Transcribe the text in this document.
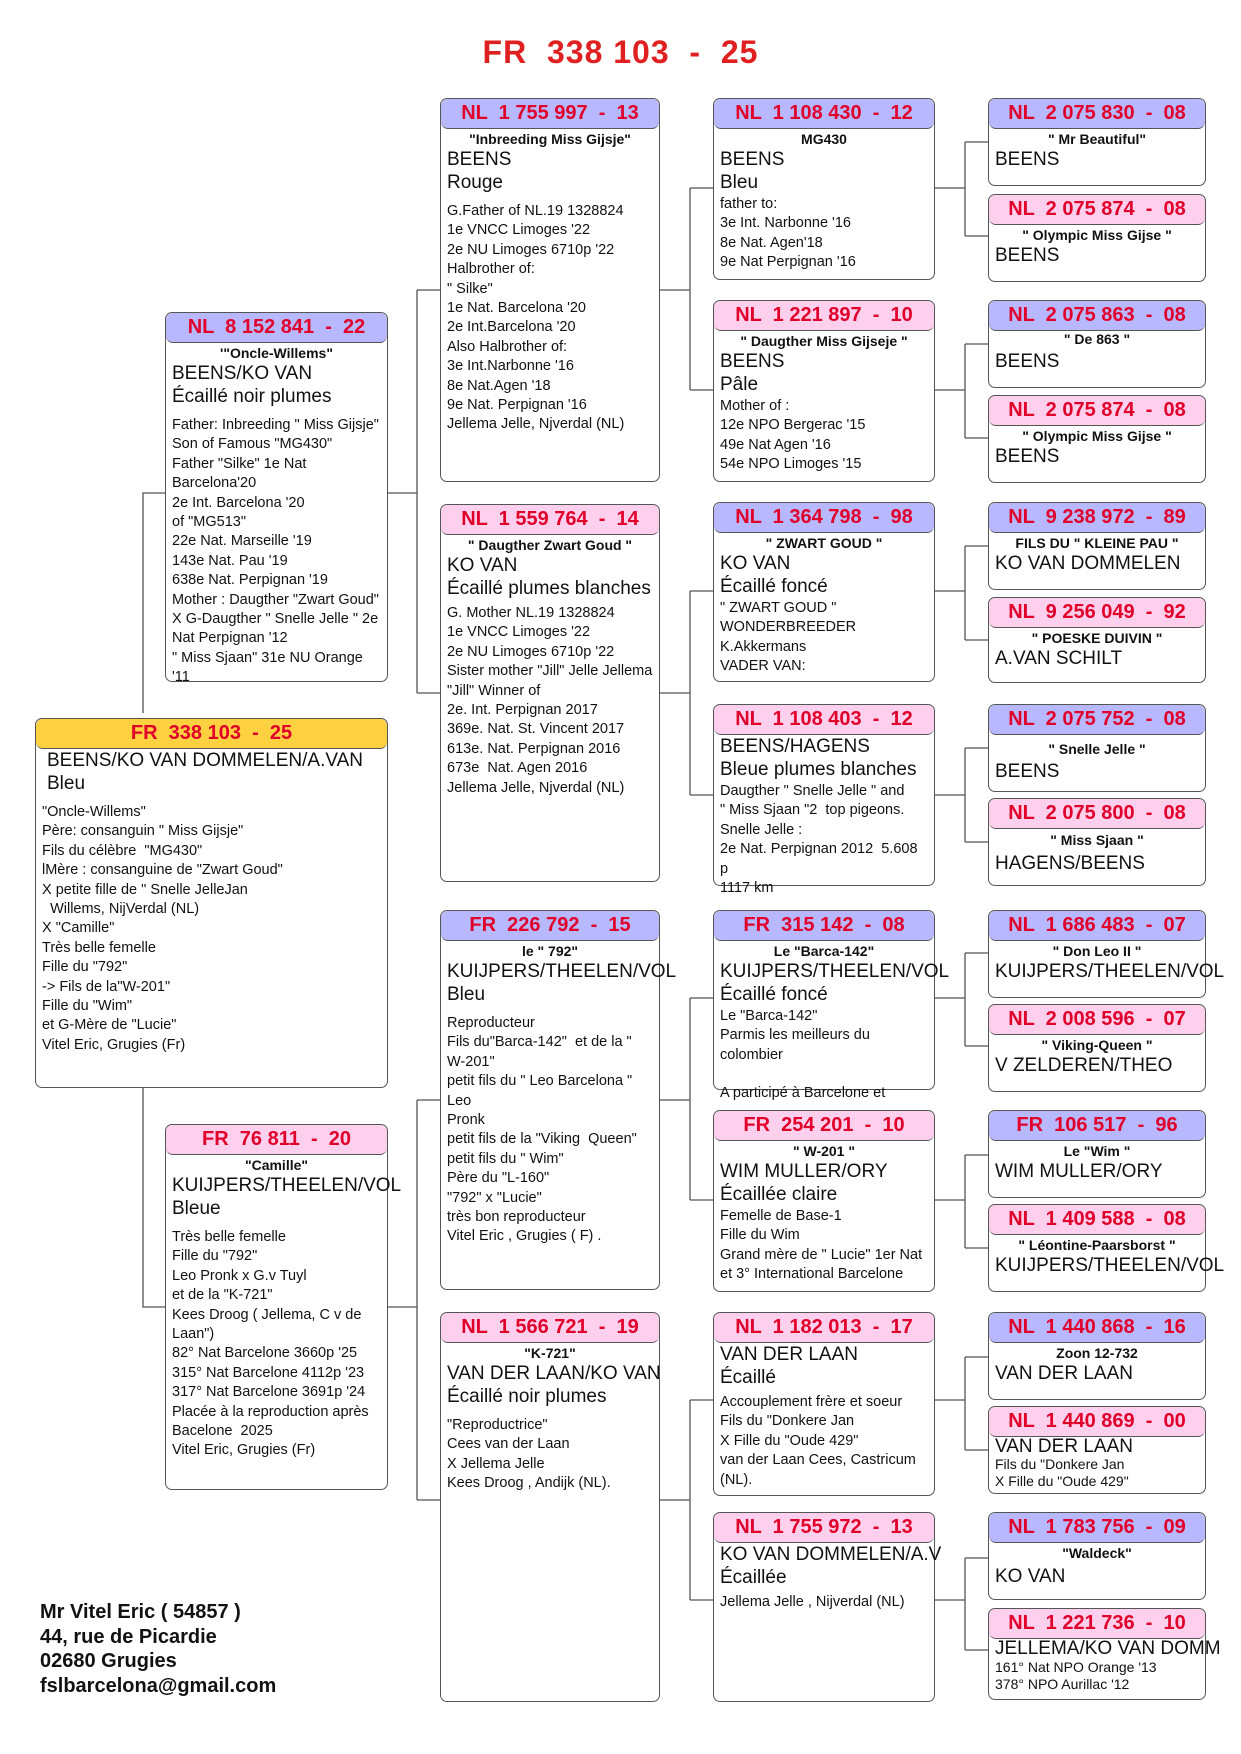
FR  338 103  -  25
FR  338 103  -  25
BEENS/KO VAN DOMMELEN/A.VAN
Bleu
"Oncle-Willems"
Père: consanguin " Miss Gijsje"
Fils du célèbre  "MG430"
lMère : consanguine de "Zwart Goud"
X petite fille de " Snelle JelleJan
Willems, NijVerdal (NL)
X "Camille"
Très belle femelle
Fille du "792"
-> Fils de la"W-201"
Fille du "Wim"
et G-Mère de "Lucie"
Vitel Eric, Grugies (Fr)
NL  8 152 841  -  22
'"Oncle-Willems"
BEENS/KO VAN
Écaillé noir plumes
Father: Inbreeding " Miss Gijsje"
Son of Famous "MG430"
Father "Silke" 1e Nat
Barcelona'20
2e Int. Barcelona '20
of "MG513"
22e Nat. Marseille '19
143e Nat. Pau '19
638e Nat. Perpignan '19
Mother : Daugther "Zwart Goud"
X G-Daugther " Snelle Jelle " 2e
Nat Perpignan '12
" Miss Sjaan" 31e NU Orange '11
FR  76 811  -  20
"Camille"
KUIJPERS/THEELEN/VOL
Bleue
Très belle femelle
Fille du "792"
Leo Pronk x G.v Tuyl
et de la "K-721"
Kees Droog ( Jellema, C v de
Laan")
82° Nat Barcelone 3660p '25
315° Nat Barcelone 4112p '23
317° Nat Barcelone 3691p '24
Placée à la reproduction après
Bacelone  2025
Vitel Eric, Grugies (Fr)
NL  1 755 997  -  13
"Inbreeding Miss Gijsje"
BEENS
Rouge
G.Father of NL.19 1328824
1e VNCC Limoges '22
2e NU Limoges 6710p '22
Halbrother of:
" Silke"
1e Nat. Barcelona '20
2e Int.Barcelona '20
Also Halbrother of:
3e Int.Narbonne '16
8e Nat.Agen '18
9e Nat. Perpignan '16
Jellema Jelle, Njverdal (NL)
NL  1 559 764  -  14
" Daugther Zwart Goud "
KO VAN
Écaillé plumes blanches
G. Mother NL.19 1328824
1e VNCC Limoges '22
2e NU Limoges 6710p '22
Sister mother "Jill" Jelle Jellema
"Jill" Winner of
2e. Int. Perpignan 2017
369e. Nat. St. Vincent 2017
613e. Nat. Perpignan 2016
673e  Nat. Agen 2016
Jellema Jelle, Njverdal (NL)
FR  226 792  -  15
le " 792"
KUIJPERS/THEELEN/VOL
Bleu
Reproducteur
Fils du"Barca-142"  et de la "
W-201"
petit fils du " Leo Barcelona " Leo
Pronk
petit fils de la "Viking  Queen"
petit fils du " Wim"
Père du "L-160"
"792" x "Lucie"
très bon reproducteur
Vitel Eric , Grugies ( F) .
NL  1 566 721  -  19
"K-721"
VAN DER LAAN/KO VAN
Écaillé noir plumes
"Reproductrice"
Cees van der Laan
X Jellema Jelle
Kees Droog , Andijk (NL).
NL  1 108 430  -  12
MG430
BEENS
Bleu
father to:
3e Int. Narbonne '16
8e Nat. Agen'18
9e Nat Perpignan '16
NL  1 221 897  -  10
" Daugther Miss Gijseje "
BEENS
Pâle
Mother of :
12e NPO Bergerac '15
49e Nat Agen '16
54e NPO Limoges '15
NL  1 364 798  -  98
" ZWART GOUD "
KO VAN
Écaillé foncé
" ZWART GOUD "
WONDERBREEDER
K.Akkermans
VADER VAN:
NL  1 108 403  -  12
BEENS/HAGENS
Bleue plumes blanches
Daugther " Snelle Jelle " and
" Miss Sjaan "2  top pigeons.
Snelle Jelle :
2e Nat. Perpignan 2012  5.608 p
1117 km
FR  315 142  -  08
Le "Barca-142"
KUIJPERS/THEELEN/VOL
Écaillé foncé
Le "Barca-142"
Parmis les meilleurs du colombier
A participé à Barcelone et
FR  254 201  -  10
" W-201 "
WIM MULLER/ORY
Écaillée claire
Femelle de Base-1
Fille du Wim
Grand mère de " Lucie" 1er Nat
et 3° International Barcelone
NL  1 182 013  -  17
VAN DER LAAN
Écaillé
Accouplement frère et soeur
Fils du "Donkere Jan
X Fille du "Oude 429"
van der Laan Cees, Castricum
(NL).
NL  1 755 972  -  13
KO VAN DOMMELEN/A.V
Écaillée
Jellema Jelle , Nijverdal (NL)
NL  2 075 830  -  08
" Mr Beautiful"
BEENS
NL  2 075 874  -  08
" Olympic Miss Gijse "
BEENS
NL  2 075 863  -  08
" De 863 "
BEENS
NL  2 075 874  -  08
" Olympic Miss Gijse "
BEENS
NL  9 238 972  -  89
FILS DU " KLEINE PAU "
KO VAN DOMMELEN
NL  9 256 049  -  92
" POESKE DUIVIN "
A.VAN SCHILT
NL  2 075 752  -  08
" Snelle Jelle "
BEENS
NL  2 075 800  -  08
" Miss Sjaan "
HAGENS/BEENS
NL  1 686 483  -  07
" Don Leo II "
KUIJPERS/THEELEN/VOL
NL  2 008 596  -  07
" Viking-Queen "
V ZELDEREN/THEO
FR  106 517  -  96
Le "Wim "
WIM MULLER/ORY
NL  1 409 588  -  08
" Léontine-Paarsborst "
KUIJPERS/THEELEN/VOL
NL  1 440 868  -  16
Zoon 12-732
VAN DER LAAN
NL  1 440 869  -  00
VAN DER LAAN
Fils du "Donkere Jan
X Fille du "Oude 429"
NL  1 783 756  -  09
"Waldeck"
KO VAN
NL  1 221 736  -  10
JELLEMA/KO VAN DOMM
161° Nat NPO Orange '13
378° NPO Aurillac '12
Mr Vitel Eric ( 54857 )
44, rue de Picardie
02680 Grugies
fslbarcelona@gmail.com
